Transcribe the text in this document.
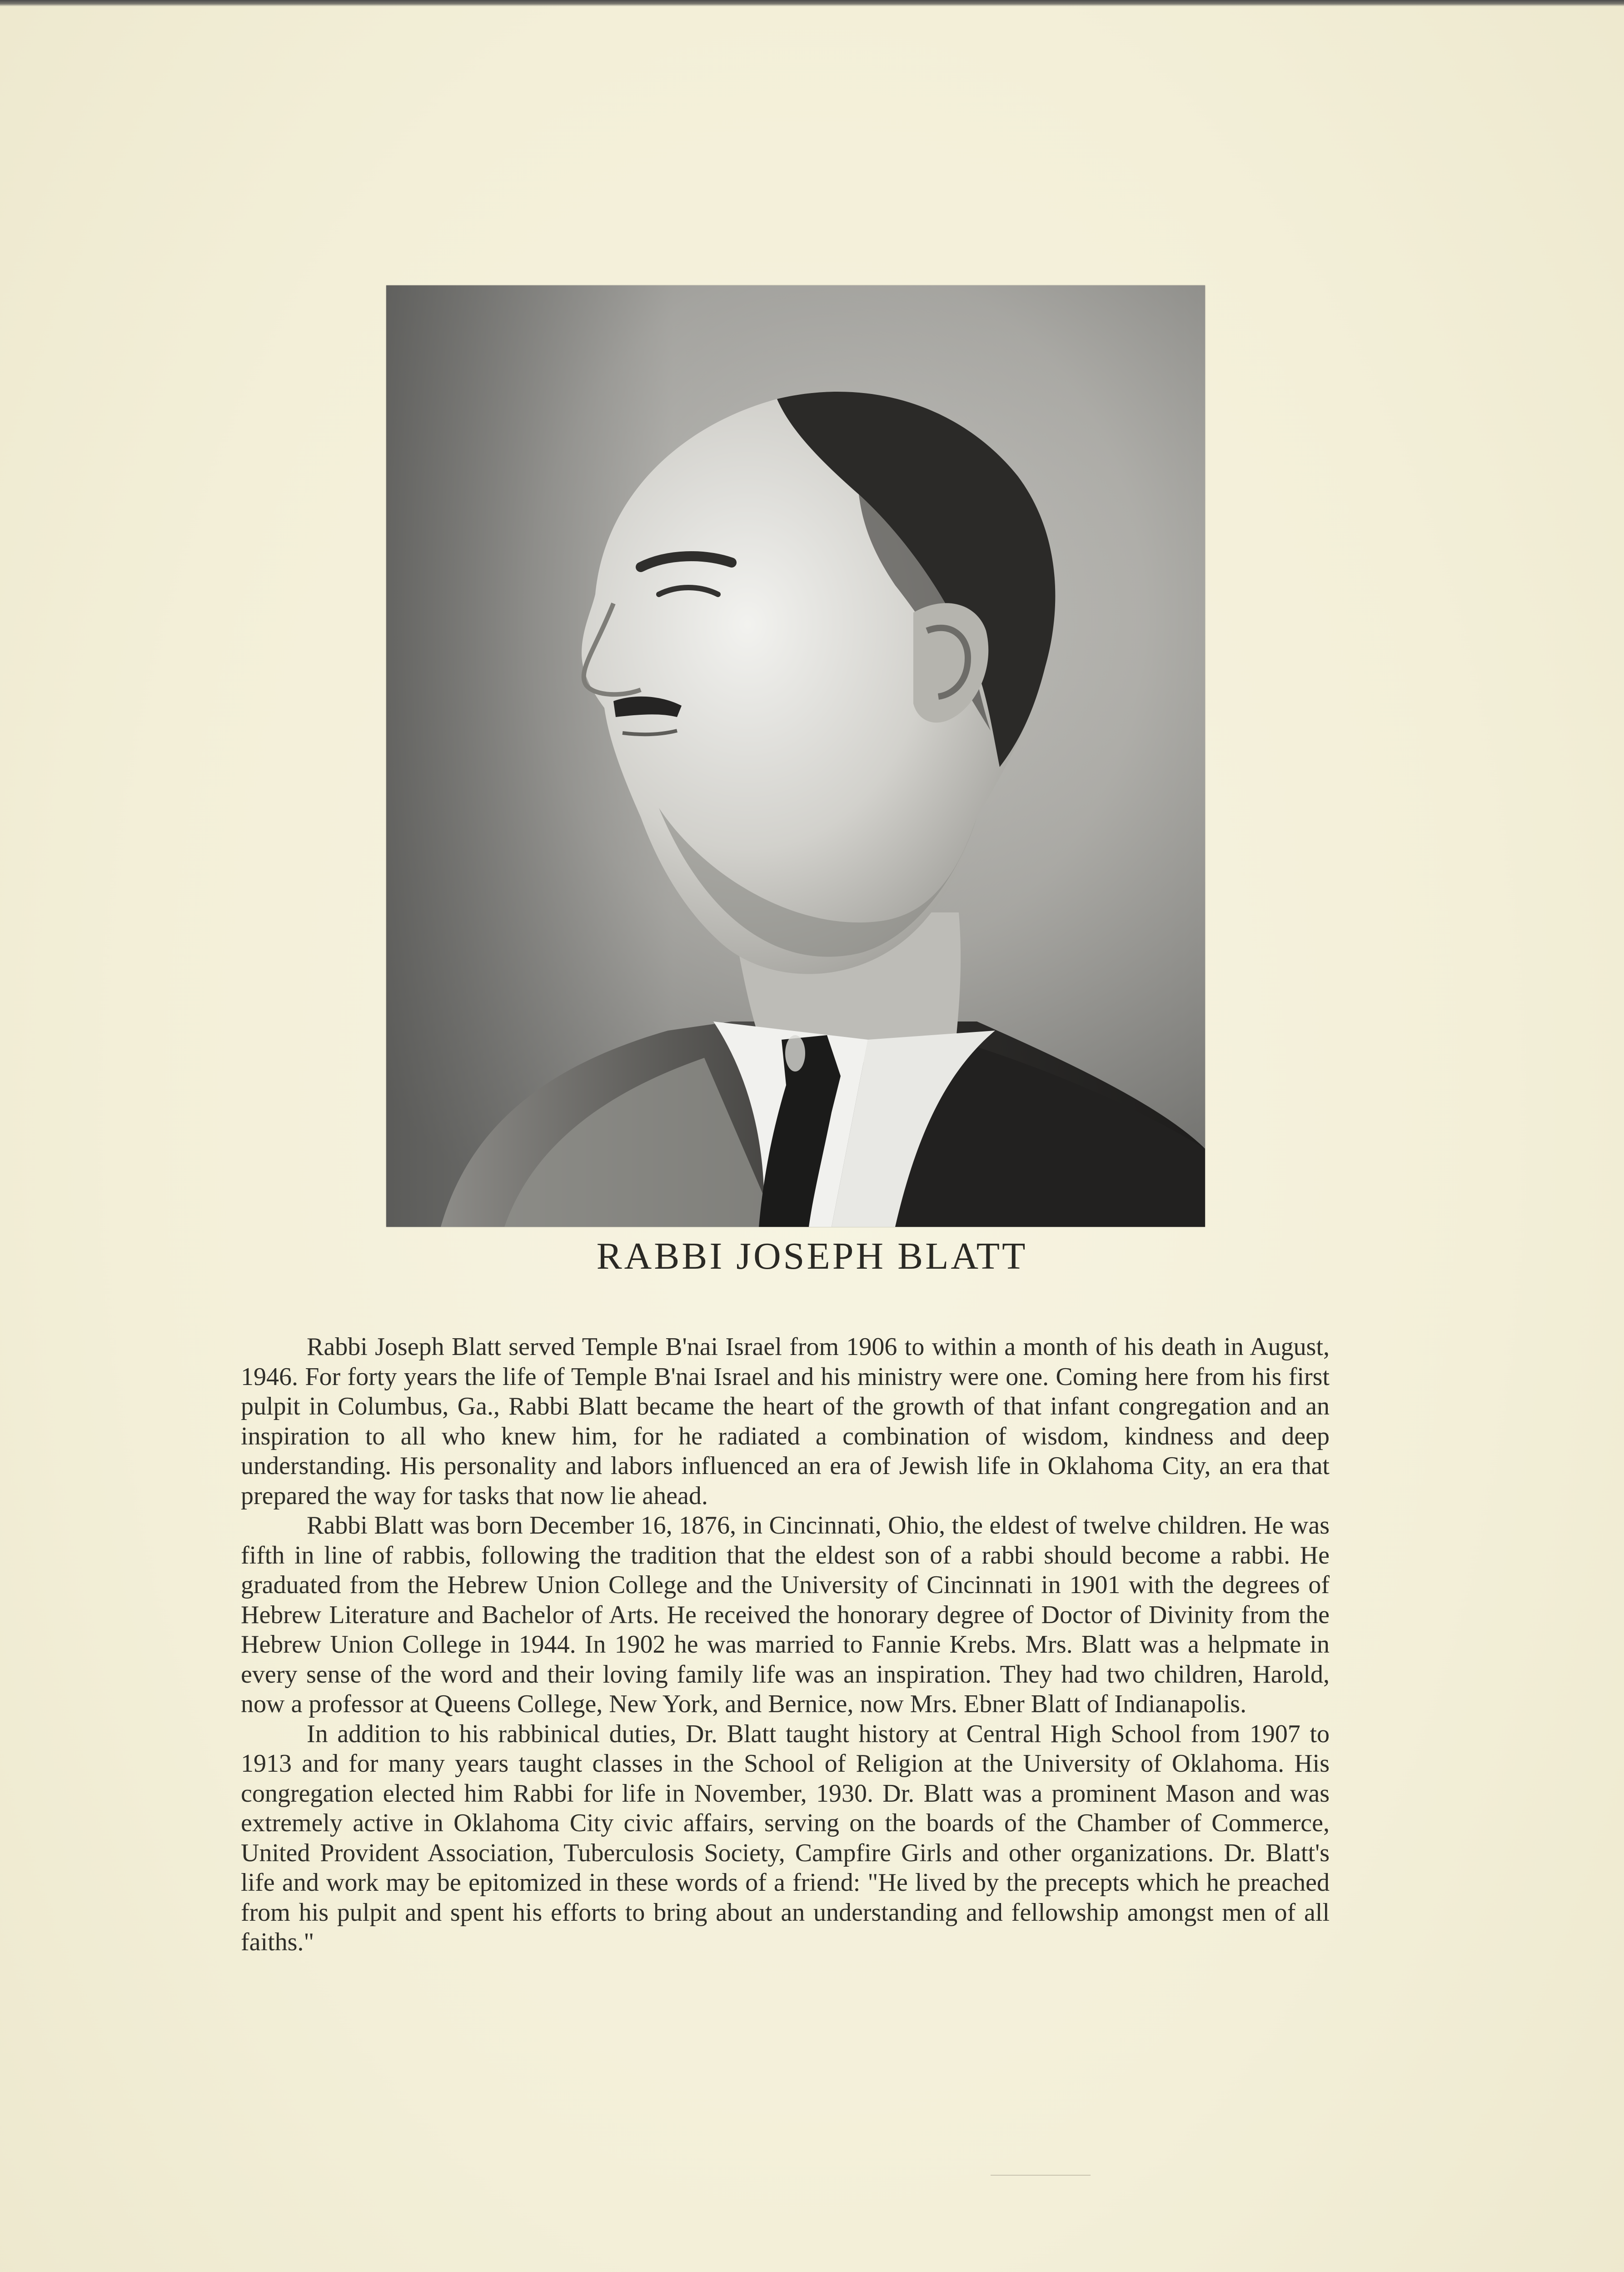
RABBI JOSEPH BLATT

Rabbi Joseph Blatt served Temple B'nai Israel from 1906 to within a month of his death in August, 1946. For forty years the life of Temple B'nai Israel and his ministry were one. Coming here from his first pulpit in Columbus, Ga., Rabbi Blatt became the heart of the growth of that infant congregation and an inspiration to all who knew him, for he radiated a combination of wisdom, kindness and deep understanding. His personality and labors influenced an era of Jewish life in Oklahoma City, an era that prepared the way for tasks that now lie ahead.

Rabbi Blatt was born December 16, 1876, in Cincinnati, Ohio, the eldest of twelve children. He was fifth in line of rabbis, following the tradition that the eldest son of a rabbi should become a rabbi. He graduated from the Hebrew Union College and the University of Cincinnati in 1901 with the degrees of Hebrew Literature and Bachelor of Arts. He received the honorary degree of Doctor of Divinity from the Hebrew Union College in 1944. In 1902 he was married to Fannie Krebs. Mrs. Blatt was a helpmate in every sense of the word and their loving family life was an inspiration. They had two children, Harold, now a professor at Queens College, New York, and Bernice, now Mrs. Ebner Blatt of Indianapolis.

In addition to his rabbinical duties, Dr. Blatt taught history at Central High School from 1907 to 1913 and for many years taught classes in the School of Religion at the University of Oklahoma. His congregation elected him Rabbi for life in November, 1930. Dr. Blatt was a prominent Mason and was extremely active in Oklahoma City civic affairs, serving on the boards of the Chamber of Commerce, United Provident Association, Tuberculosis Society, Campfire Girls and other organizations. Dr. Blatt's life and work may be epitomized in these words of a friend: "He lived by the precepts which he preached from his pulpit and spent his efforts to bring about an understanding and fellowship amongst men of all faiths."
